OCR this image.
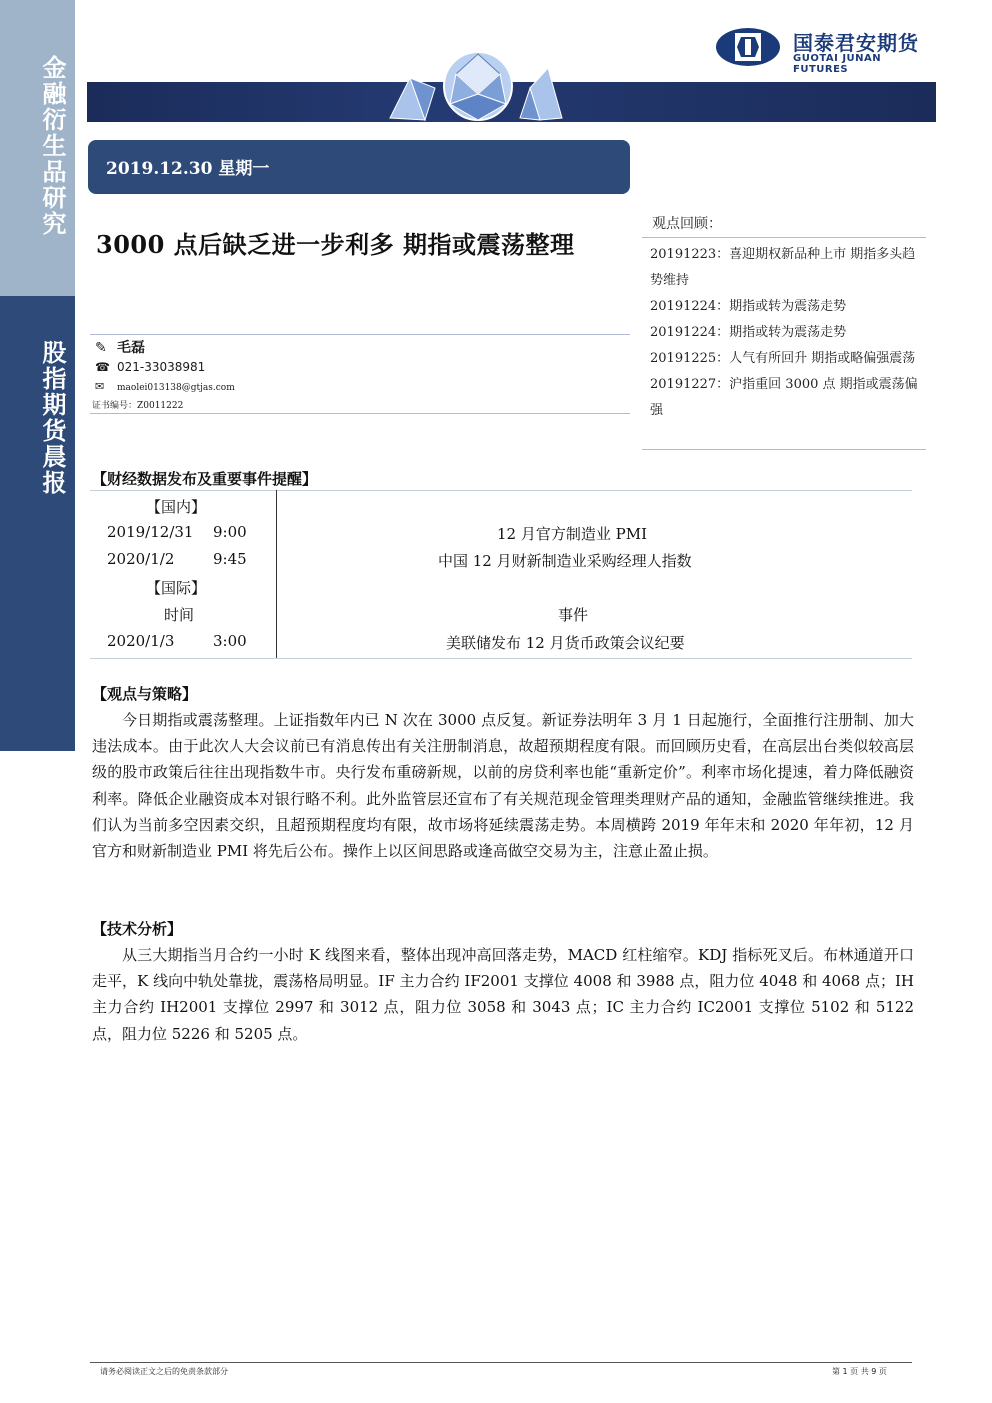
金融衍生品研究
股指期货晨报
国泰君安期货
GUOTAI JUNAN FUTURES
2019.12.30 星期一
3000 点后缺乏进一步利多 期指或震荡整理
✎ 毛磊
☎ 021-33038981
✉ maolei013138@gtjas.com
证书编号：Z0011222
观点回顾：
20191223：喜迎期权新品种上市 期指多头趋势维持
20191224：期指或转为震荡走势
20191224：期指或转为震荡走势
20191225：人气有所回升 期指或略偏强震荡
20191227：沪指重回 3000 点 期指或震荡偏强
【财经数据发布及重要事件提醒】
【国内】
2019/12/31 9:00	12 月官方制造业 PMI
2020/1/2	9:45	中国 12 月财新制造业采购经理人指数
【国际】
时间	事件
2020/1/3	3:00	美联储发布 12 月货币政策会议纪要
【观点与策略】
今日期指或震荡整理。上证指数年内已 N 次在 3000 点反复。新证券法明年 3 月 1 日起施行，全面推行注册制、加大违法成本。由于此次人大会议前已有消息传出有关注册制消息，故超预期程度有限。而回顾历史看，在高层出台类似较高层级的股市政策后往往出现指数牛市。央行发布重磅新规，以前的房贷利率也能“重新定价”。利率市场化提速，着力降低融资利率。降低企业融资成本对银行略不利。此外监管层还宣布了有关规范现金管理类理财产品的通知，金融监管继续推进。我们认为当前多空因素交织，且超预期程度均有限，故市场将延续震荡走势。本周横跨 2019 年年末和 2020 年年初，12 月官方和财新制造业 PMI 将先后公布。操作上以区间思路或逢高做空交易为主，注意止盈止损。
【技术分析】
从三大期指当月合约一小时 K 线图来看，整体出现冲高回落走势，MACD 红柱缩窄。KDJ 指标死叉后。布林通道开口走平，K 线向中轨处靠拢，震荡格局明显。IF 主力合约 IF2001 支撑位 4008 和 3988 点，阻力位 4048 和 4068 点；IH 主力合约 IH2001 支撑位 2997 和 3012 点，阻力位 3058 和 3043 点；IC 主力合约 IC2001 支撑位 5102 和 5122 点，阻力位 5226 和 5205 点。
请务必阅读正文之后的免责条款部分	第 1 页 共 9 页
